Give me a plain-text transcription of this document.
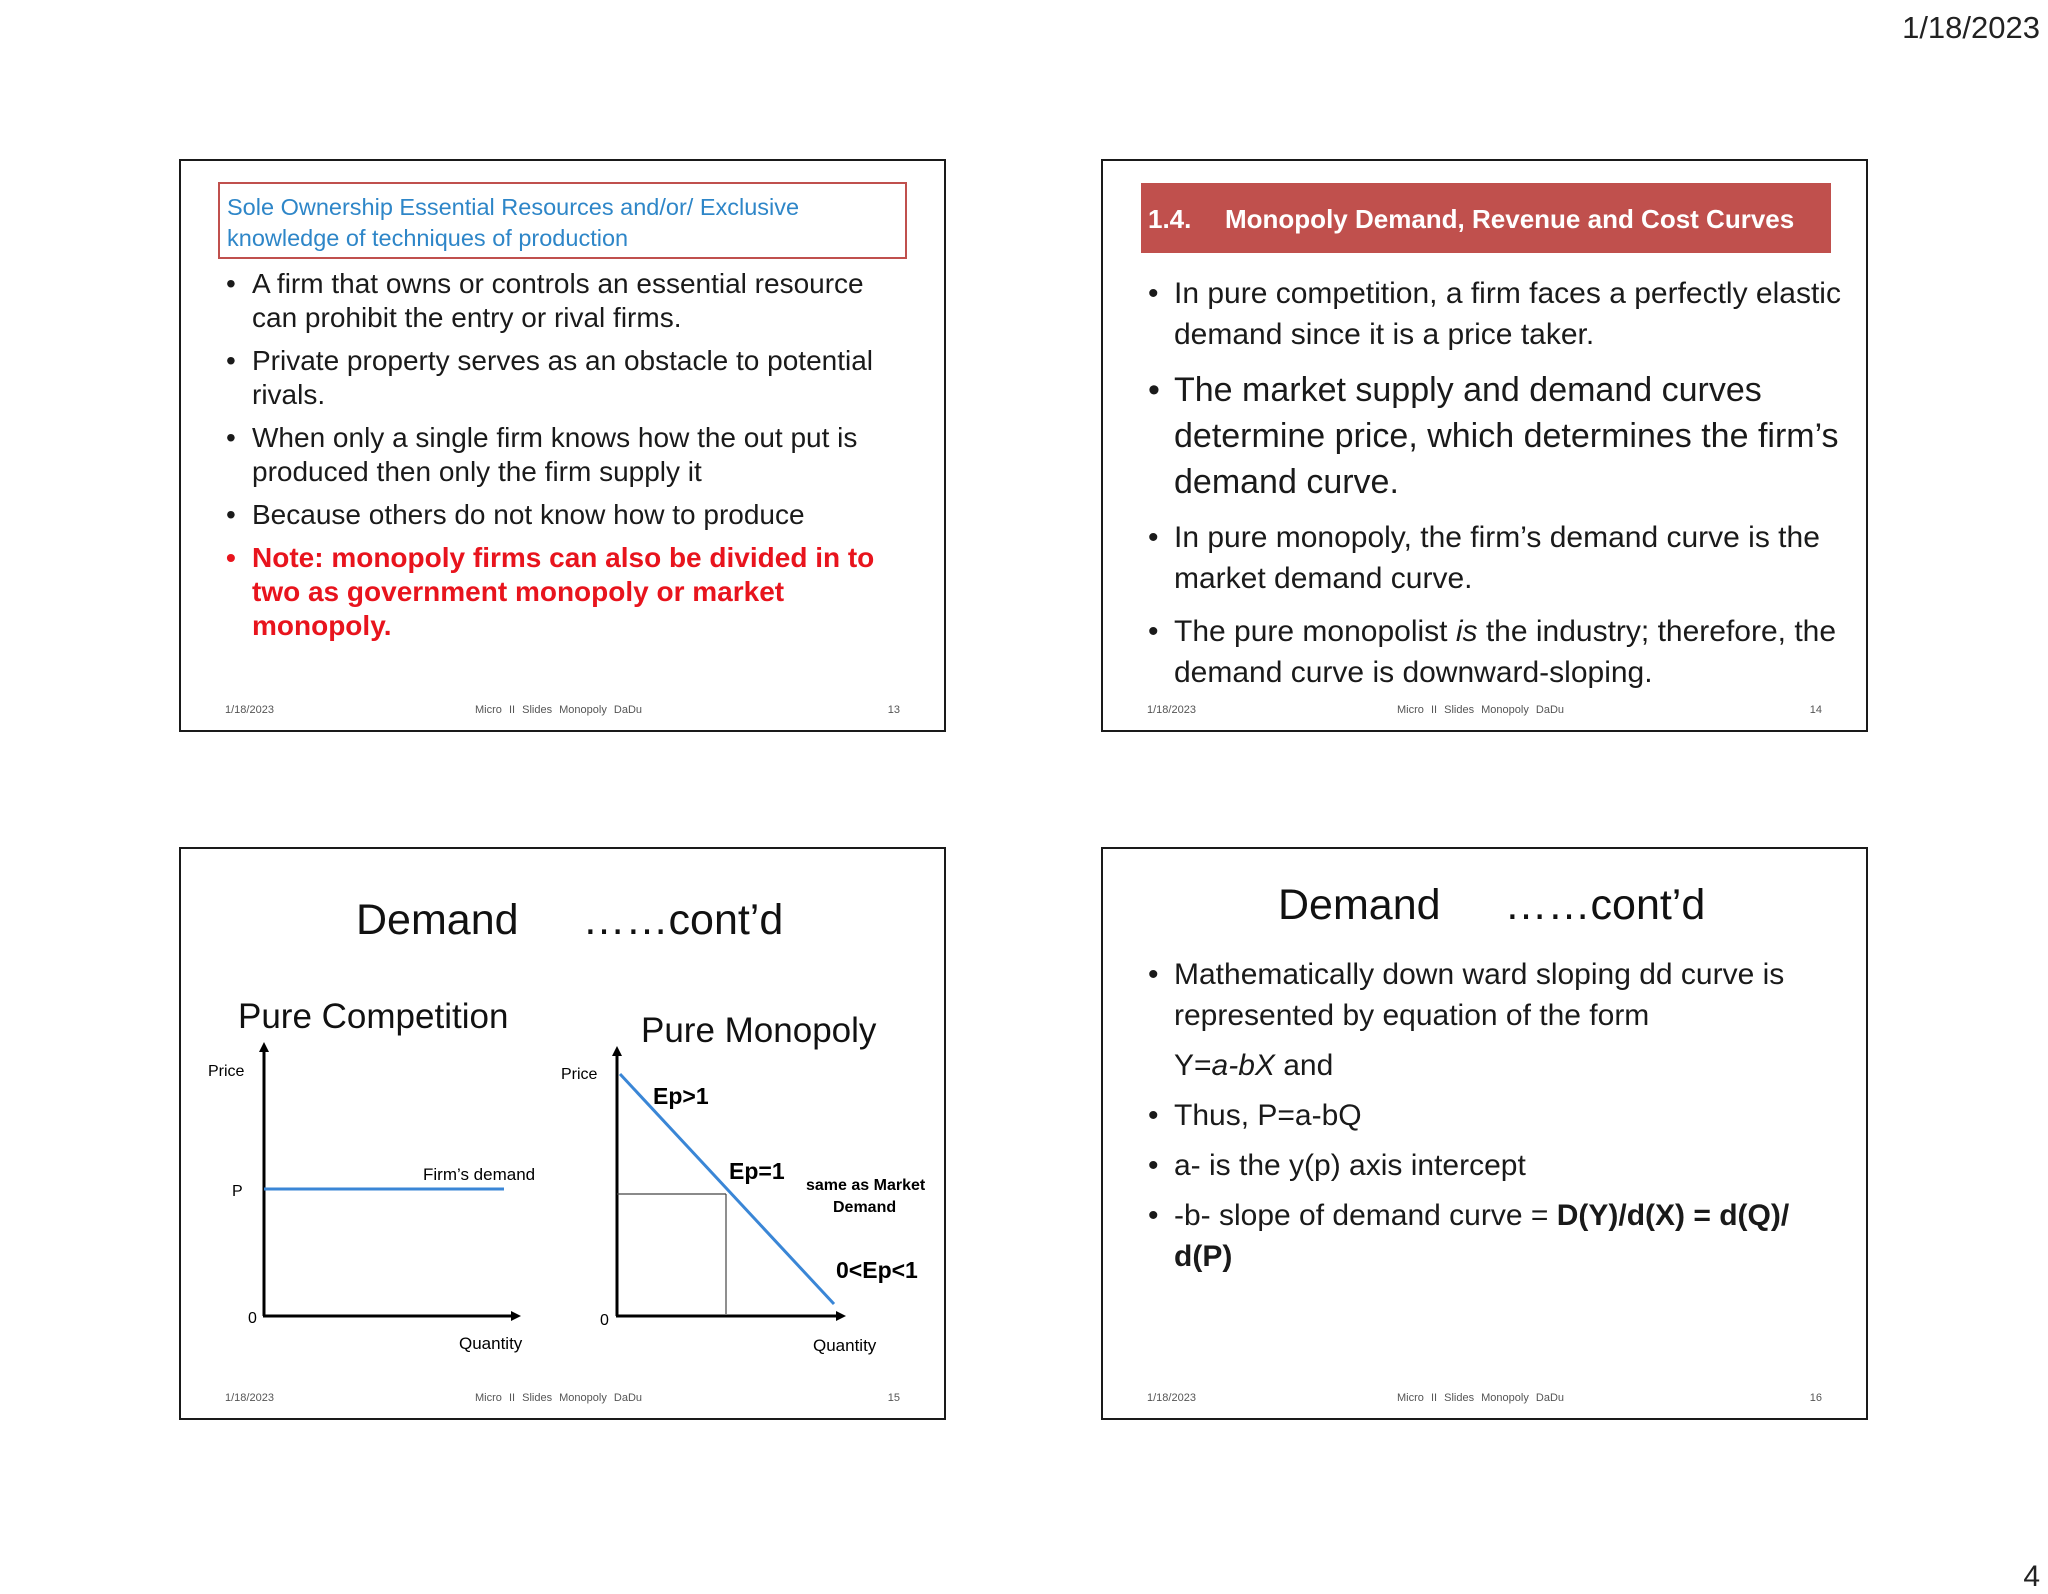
1/18/2023
Sole Ownership Essential Resources and/or/ Exclusive
knowledge of techniques of production
• A firm that owns or controls an essential resource can prohibit the entry or rival firms.
• Private property serves as an obstacle to potential rivals.
• When only a single firm knows how the out put is produced then only the firm supply it
• Because others do not know how to produce
• Note: monopoly firms can also be divided in to two as government monopoly or market monopoly.
1/18/2023	Micro II Slides Monopoly DaDu	13
1.4. Monopoly Demand, Revenue and Cost Curves
• In pure competition, a firm faces a perfectly elastic demand since it is a price taker.
• The market supply and demand curves determine price, which determines the firm’s demand curve.
• In pure monopoly, the firm’s demand curve is the market demand curve.
• The pure monopolist is the industry; therefore, the demand curve is downward-sloping.
1/18/2023	Micro II Slides Monopoly DaDu	14
Demand ……cont’d
Pure Competition	Pure Monopoly
Price
P
0
Quantity
Firm’s demand
Price
0
Quantity
Ep>1
Ep=1
0<Ep<1
same as Market
Demand
1/18/2023	Micro II Slides Monopoly DaDu	15
Demand ……cont’d
• Mathematically down ward sloping dd curve is represented by equation of the form
Y=a-bX and
• Thus, P=a-bQ
• a- is the y(p) axis intercept
• -b- slope of demand curve = D(Y)/d(X) = d(Q)/ d(P)
1/18/2023	Micro II Slides Monopoly DaDu	16
4
